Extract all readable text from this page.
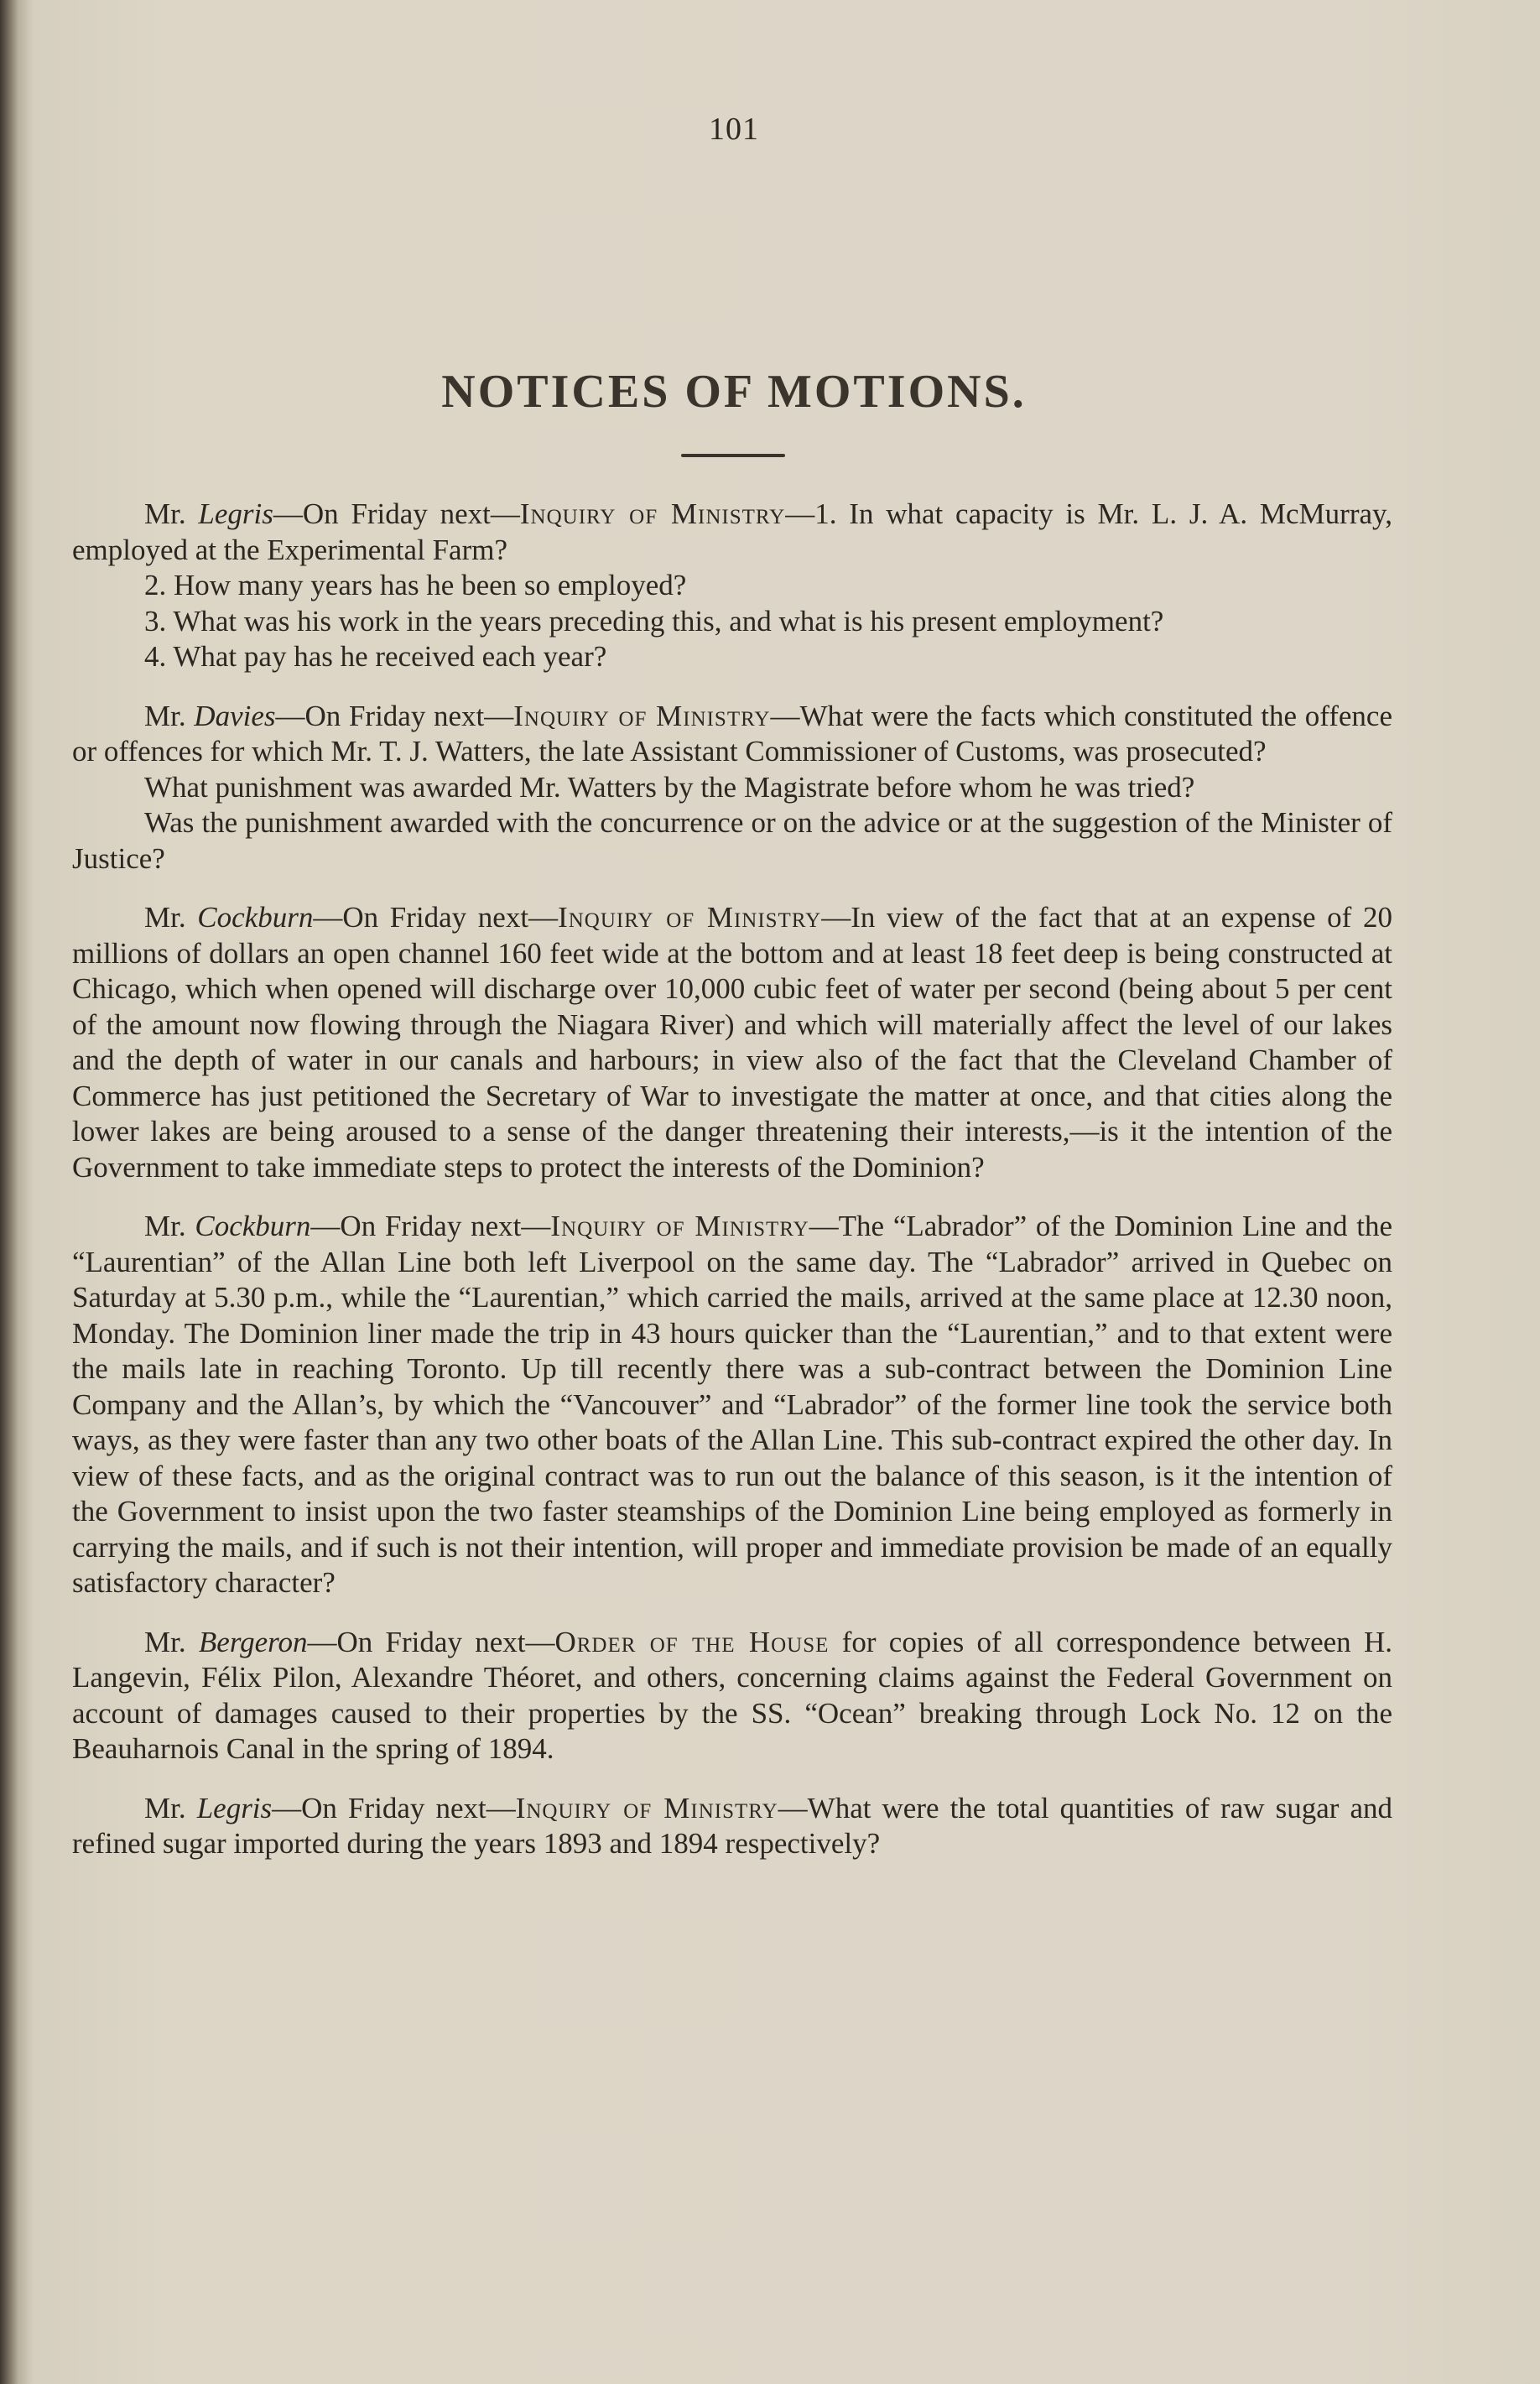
101
NOTICES OF MOTIONS.

Mr. Legris—On Friday next—Inquiry of Ministry—1. In what capacity is Mr. L. J. A. McMurray, employed at the Experimental Farm?

2. How many years has he been so employed?

3. What was his work in the years preceding this, and what is his present employment?

4. What pay has he received each year?

Mr. Davies—On Friday next—Inquiry of Ministry—What were the facts which constituted the offence or offences for which Mr. T. J. Watters, the late Assistant Commissioner of Customs, was prosecuted?

What punishment was awarded Mr. Watters by the Magistrate before whom he was tried?

Was the punishment awarded with the concurrence or on the advice or at the suggestion of the Minister of Justice?

Mr. Cockburn—On Friday next—Inquiry of Ministry—In view of the fact that at an expense of 20 millions of dollars an open channel 160 feet wide at the bottom and at least 18 feet deep is being constructed at Chicago, which when opened will discharge over 10,000 cubic feet of water per second (being about 5 per cent of the amount now flowing through the Niagara River) and which will materially affect the level of our lakes and the depth of water in our canals and harbours; in view also of the fact that the Cleveland Chamber of Commerce has just petitioned the Secretary of War to investigate the matter at once, and that cities along the lower lakes are being aroused to a sense of the danger threatening their interests,—is it the intention of the Government to take immediate steps to protect the interests of the Dominion?

Mr. Cockburn—On Friday next—Inquiry of Ministry—The “Labrador” of the Dominion Line and the “Laurentian” of the Allan Line both left Liverpool on the same day. The “Labrador” arrived in Quebec on Saturday at 5.30 p.m., while the “Laurentian,” which carried the mails, arrived at the same place at 12.30 noon, Monday. The Dominion liner made the trip in 43 hours quicker than the “Laurentian,” and to that extent were the mails late in reaching Toronto. Up till recently there was a sub-contract between the Dominion Line Company and the Allan’s, by which the “Vancouver” and “Labrador” of the former line took the service both ways, as they were faster than any two other boats of the Allan Line. This sub-contract expired the other day. In view of these facts, and as the original contract was to run out the balance of this season, is it the intention of the Government to insist upon the two faster steamships of the Dominion Line being employed as formerly in carrying the mails, and if such is not their intention, will proper and immediate provision be made of an equally satisfactory character?

Mr. Bergeron—On Friday next—Order of the House for copies of all correspondence between H. Langevin, Félix Pilon, Alexandre Théoret, and others, concerning claims against the Federal Government on account of damages caused to their properties by the SS. “Ocean” breaking through Lock No. 12 on the Beauharnois Canal in the spring of 1894.

Mr. Legris—On Friday next—Inquiry of Ministry—What were the total quantities of raw sugar and refined sugar imported during the years 1893 and 1894 respectively?
